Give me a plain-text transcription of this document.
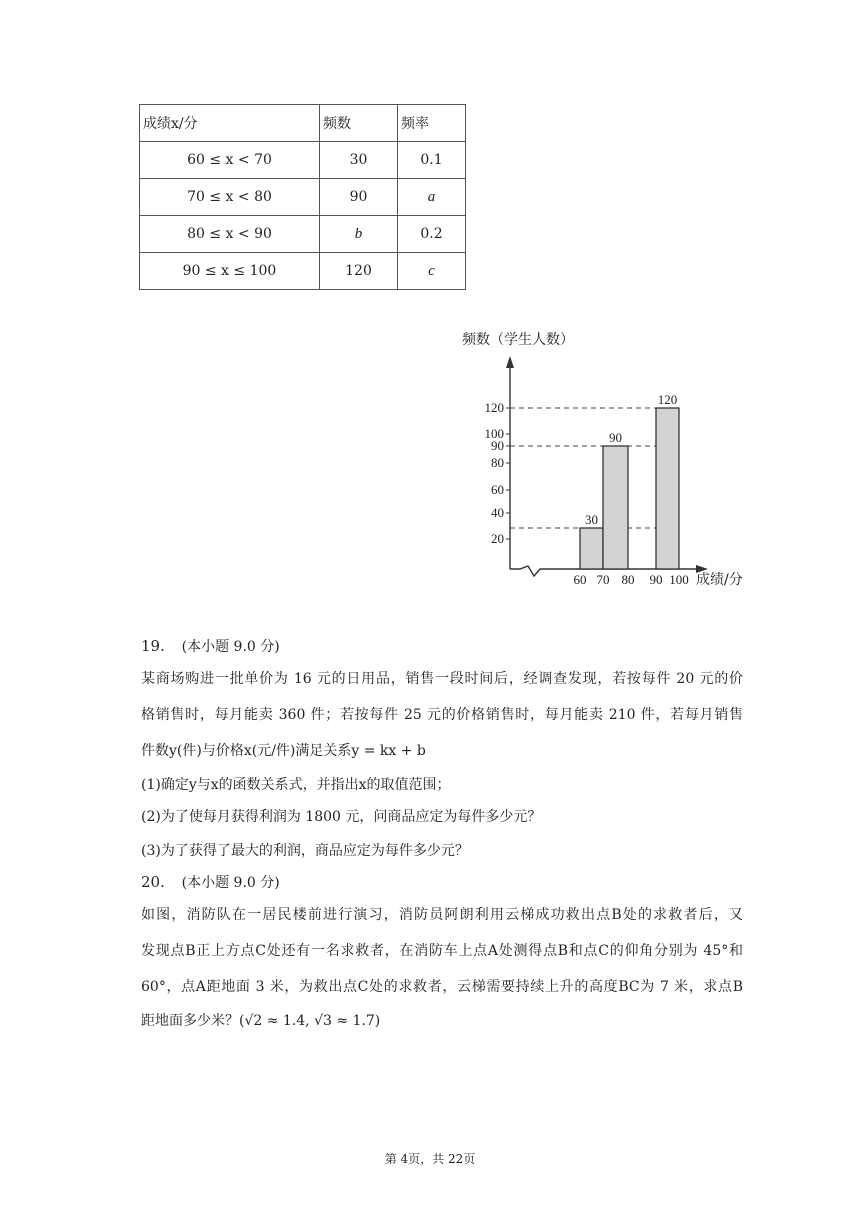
成绩x/分	频数	频率
60 ≤ x < 70	30	0.1
70 ≤ x < 80	90	a
80 ≤ x < 90	b	0.2
90 ≤ x ≤ 100	120	c
频数（学生人数）
30
90
120
20
40
60
80
90
100
120
60 70 80 90 100 成绩/分
19. (本小题 9.0 分)
某商场购进一批单价为 16 元的日用品，销售一段时间后，经调查发现，若按每件 20 元的价
格销售时，每月能卖 360 件；若按每件 25 元的价格销售时，每月能卖 210 件，若每月销售
件数y(件)与价格x(元/件)满足关系y = kx + b
(1)确定y与x的函数关系式，并指出x的取值范围；
(2)为了使每月获得利润为 1800 元，问商品应定为每件多少元？
(3)为了获得了最大的利润，商品应定为每件多少元？
20. (本小题 9.0 分)
如图，消防队在一居民楼前进行演习，消防员阿朗利用云梯成功救出点B处的求救者后，又
发现点B正上方点C处还有一名求救者，在消防车上点A处测得点B和点C的仰角分别为 45°和
60°，点A距地面 3 米，为救出点C处的求救者，云梯需要持续上升的高度BC为 7 米，求点B
距地面多少米？(√2 ≈ 1.4, √3 ≈ 1.7)
第 4页，共 22页
